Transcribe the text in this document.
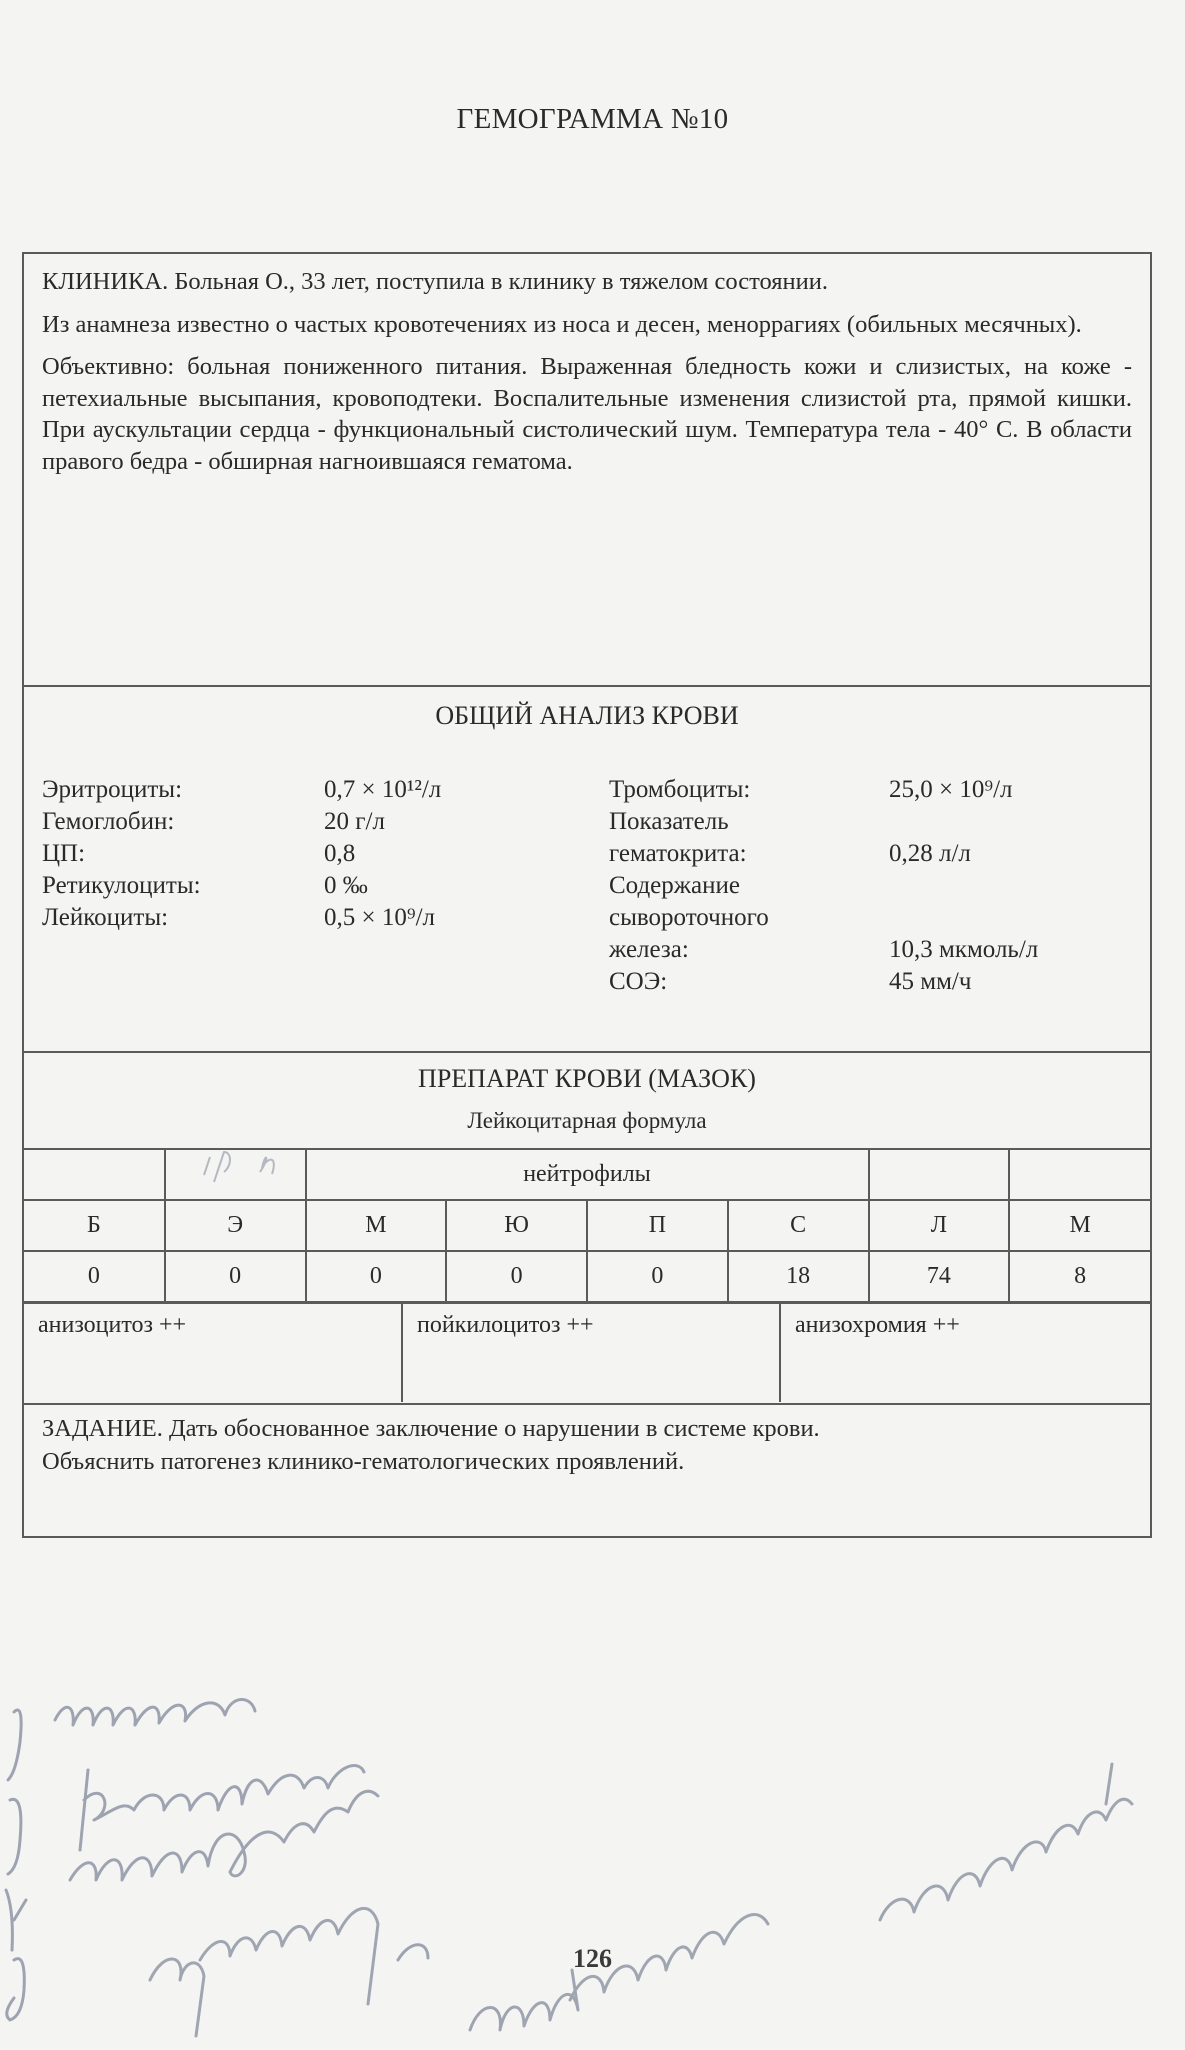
ГЕМОГРАММА №10

КЛИНИКА. Больная О., 33 лет, поступила в клинику в тяжелом состоянии.

Из анамнеза известно о частых кровотечениях из носа и десен, меноррагиях (обильных месячных).

Объективно: больная пониженного питания. Выраженная бледность кожи и слизистых, на коже - петехиальные высыпания, кровоподтеки. Воспалительные изменения слизистой рта, прямой кишки. При аускультации сердца - функциональный систолический шум. Температура тела - 40° С. В области правого бедра - обширная нагноившаяся гематома.

ОБЩИЙ АНАЛИЗ КРОВИ
Эритроциты:	0,7 × 10¹²/л
Гемоглобин:	20 г/л
ЦП:	0,8
Ретикулоциты:	0 ‰
Лейкоциты:	0,5 × 10⁹/л
Тромбоциты:	25,0 × 10⁹/л
Показатель
гематокрита:	0,28 л/л
Содержание
сывороточного
железа:	10,3 мкмоль/л
СОЭ:	45 мм/ч
ПРЕПАРАТ КРОВИ (МАЗОК)
Лейкоцитарная формула
		нейтрофилы					
Б	Э	М	Ю	П	С	Л	М
0	0	0	0	0	18	74	8
анизоцитоз ++	пойкилоцитоз ++	анизохромия ++
ЗАДАНИЕ. Дать обоснованное заключение о нарушении в системе крови.
Объяснить патогенез клинико-гематологических проявлений.
126
